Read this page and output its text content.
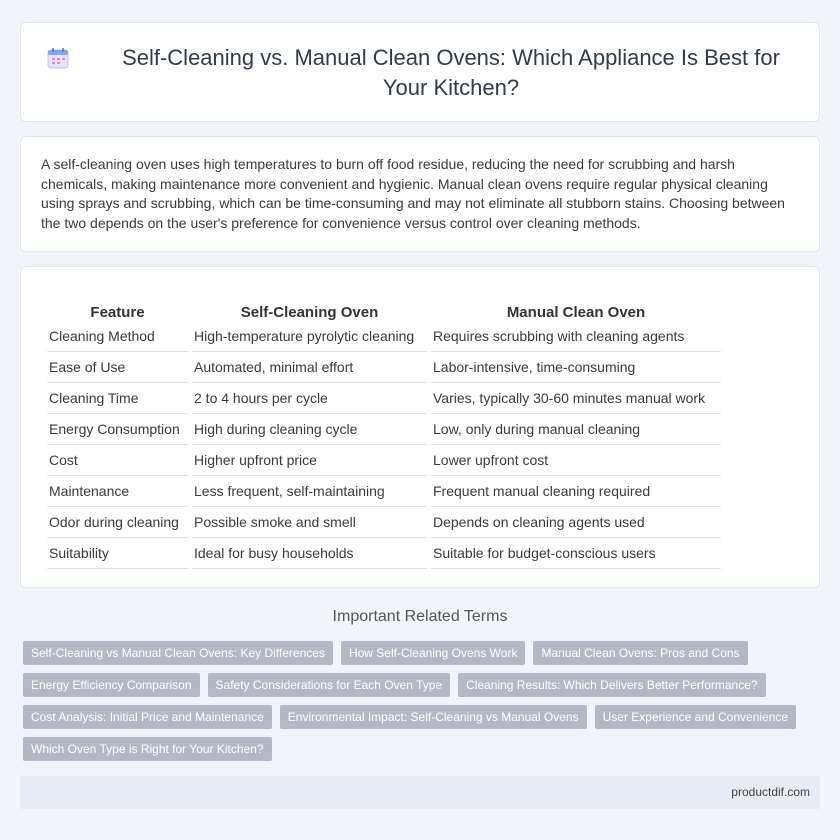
Self-Cleaning vs. Manual Clean Ovens: Which Appliance Is Best for Your Kitchen?

A self-cleaning oven uses high temperatures to burn off food residue, reducing the need for scrubbing and harsh chemicals, making maintenance more convenient and hygienic. Manual clean ovens require regular physical cleaning using sprays and scrubbing, which can be time-consuming and may not eliminate all stubborn stains. Choosing between the two depends on the user's preference for convenience versus control over cleaning methods.

Feature	Self-Cleaning Oven	Manual Clean Oven
Cleaning Method	High-temperature pyrolytic cleaning	Requires scrubbing with cleaning agents
Ease of Use	Automated, minimal effort	Labor-intensive, time-consuming
Cleaning Time	2 to 4 hours per cycle	Varies, typically 30-60 minutes manual work
Energy Consumption	High during cleaning cycle	Low, only during manual cleaning
Cost	Higher upfront price	Lower upfront cost
Maintenance	Less frequent, self-maintaining	Frequent manual cleaning required
Odor during cleaning	Possible smoke and smell	Depends on cleaning agents used
Suitability	Ideal for busy households	Suitable for budget-conscious users
Important Related Terms
Self-Cleaning vs Manual Clean Ovens: Key Differences	How Self-Cleaning Ovens Work	Manual Clean Ovens: Pros and Cons
Energy Efficiency Comparison	Safety Considerations for Each Oven Type	Cleaning Results: Which Delivers Better Performance?
Cost Analysis: Initial Price and Maintenance	Environmental Impact: Self-Cleaning vs Manual Ovens	User Experience and Convenience
Which Oven Type is Right for Your Kitchen?
productdif.com
